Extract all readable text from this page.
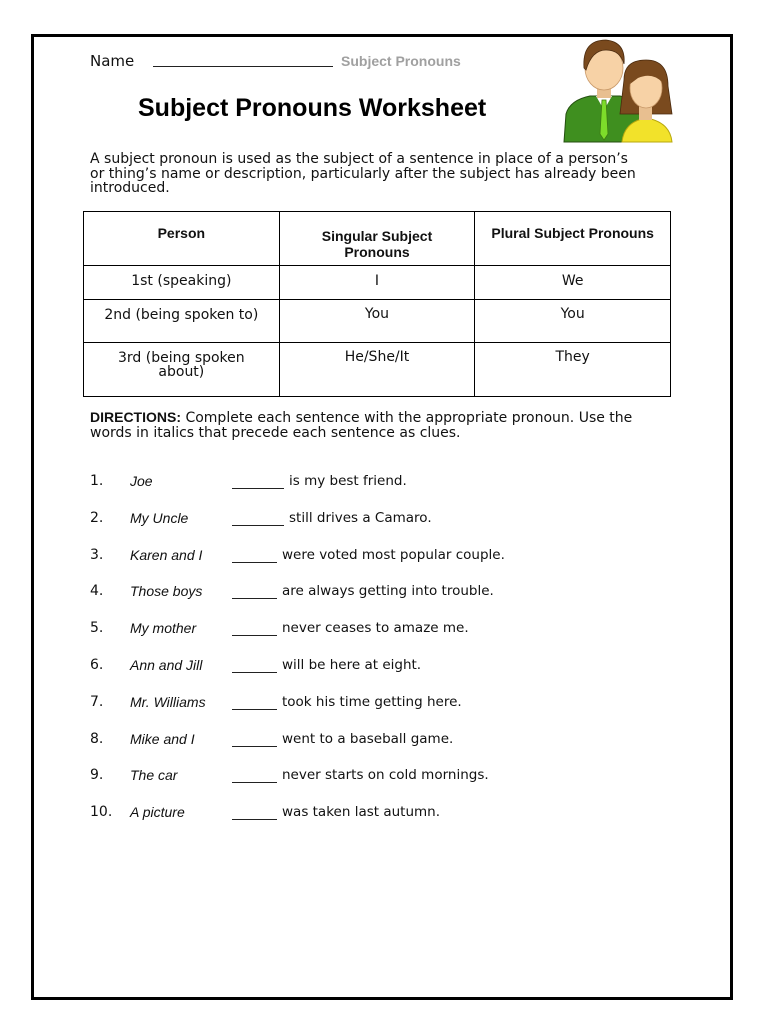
Name	Subject Pronouns
Subject Pronouns Worksheet
A subject pronoun is used as the subject of a sentence in place of a person’s
or thing’s name or description, particularly after the subject has already been
introduced.
Person	Singular Subject Pronouns	Plural Subject Pronouns
1st (speaking)	I	We
2nd (being spoken to)	You	You
3rd (being spoken about)	He/She/It	They
DIRECTIONS: Complete each sentence with the appropriate pronoun. Use the
words in italics that precede each sentence as clues.
1. Joe	is my best friend.
2. My Uncle	still drives a Camaro.
3. Karen and I	were voted most popular couple.
4. Those boys	are always getting into trouble.
5. My mother	never ceases to amaze me.
6. Ann and Jill	will be here at eight.
7. Mr. Williams	took his time getting here.
8. Mike and I	went to a baseball game.
9. The car	never starts on cold mornings.
10. A picture	was taken last autumn.
